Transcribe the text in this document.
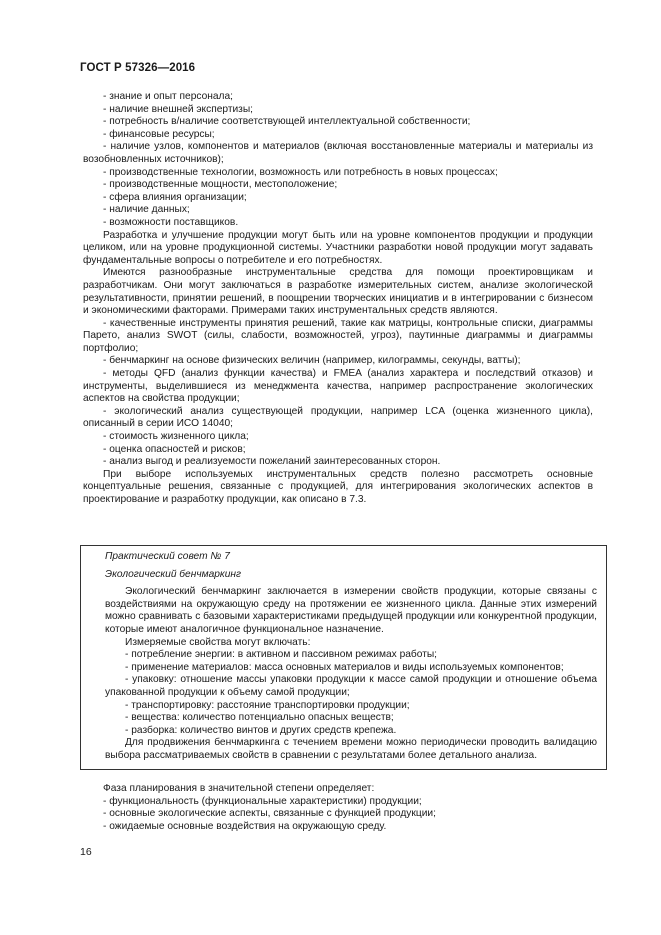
ГОСТ Р 57326—2016

- знание и опыт персонала;

- наличие внешней экспертизы;

- потребность в/наличие соответствующей интеллектуальной собственности;

- финансовые ресурсы;

- наличие узлов, компонентов и материалов (включая восстановленные материалы и материалы из возобновленных источников);

- производственные технологии, возможность или потребность в новых процессах;

- производственные мощности, местоположение;

- сфера влияния организации;

- наличие данных;

- возможности поставщиков.

Разработка и улучшение продукции могут быть или на уровне компонентов продукции и продукции целиком, или на уровне продукционной системы. Участники разработки новой продукции могут задавать фундаментальные вопросы о потребителе и его потребностях.

Имеются разнообразные инструментальные средства для помощи проектировщикам и разработчикам. Они могут заключаться в разработке измерительных систем, анализе экологической результативности, принятии решений, в поощрении творческих инициатив и в интегрировании с бизнесом и экономическими факторами. Примерами таких инструментальных средств являются.

- качественные инструменты принятия решений, такие как матрицы, контрольные списки, диаграммы Парето, анализ SWOT (силы, слабости, возможностей, угроз), паутинные диаграммы и диаграммы портфолио;

- бенчмаркинг на основе физических величин (например, килограммы, секунды, ватты);

- методы QFD (анализ функции качества) и FMEA (анализ характера и последствий отказов) и инструменты, выделившиеся из менеджмента качества, например распространение экологических аспектов на свойства продукции;

- экологический анализ существующей продукции, например LCA (оценка жизненного цикла), описанный в серии ИСО 14040;

- стоимость жизненного цикла;

- оценка опасностей и рисков;

- анализ выгод и реализуемости пожеланий заинтересованных сторон.

При выборе используемых инструментальных средств полезно рассмотреть основные концептуальные решения, связанные с продукцией, для интегрирования экологических аспектов в проектирование и разработку продукции, как описано в 7.3.

Практический совет № 7

Экологический бенчмаркинг

Экологический бенчмаркинг заключается в измерении свойств продукции, которые связаны с воздействиями на окружающую среду на протяжении ее жизненного цикла. Данные этих измерений можно сравнивать с базовыми характеристиками предыдущей продукции или конкурентной продукции, которые имеют аналогичное функциональное назначение.

Измеряемые свойства могут включать:

- потребление энергии: в активном и пассивном режимах работы;

- применение материалов: масса основных материалов и виды используемых компонентов;

- упаковку: отношение массы упаковки продукции к массе самой продукции и отношение объема упакованной продукции к объему самой продукции;

- транспортировку: расстояние транспортировки продукции;

- вещества: количество потенциально опасных веществ;

- разборка: количество винтов и других средств крепежа.

Для продвижения бенчмаркинга с течением времени можно периодически проводить валидацию выбора рассматриваемых свойств в сравнении с результатами более детального анализа.

Фаза планирования в значительной степени определяет:

- функциональность (функциональные характеристики) продукции;

- основные экологические аспекты, связанные с функцией продукции;

- ожидаемые основные воздействия на окружающую среду.

16
